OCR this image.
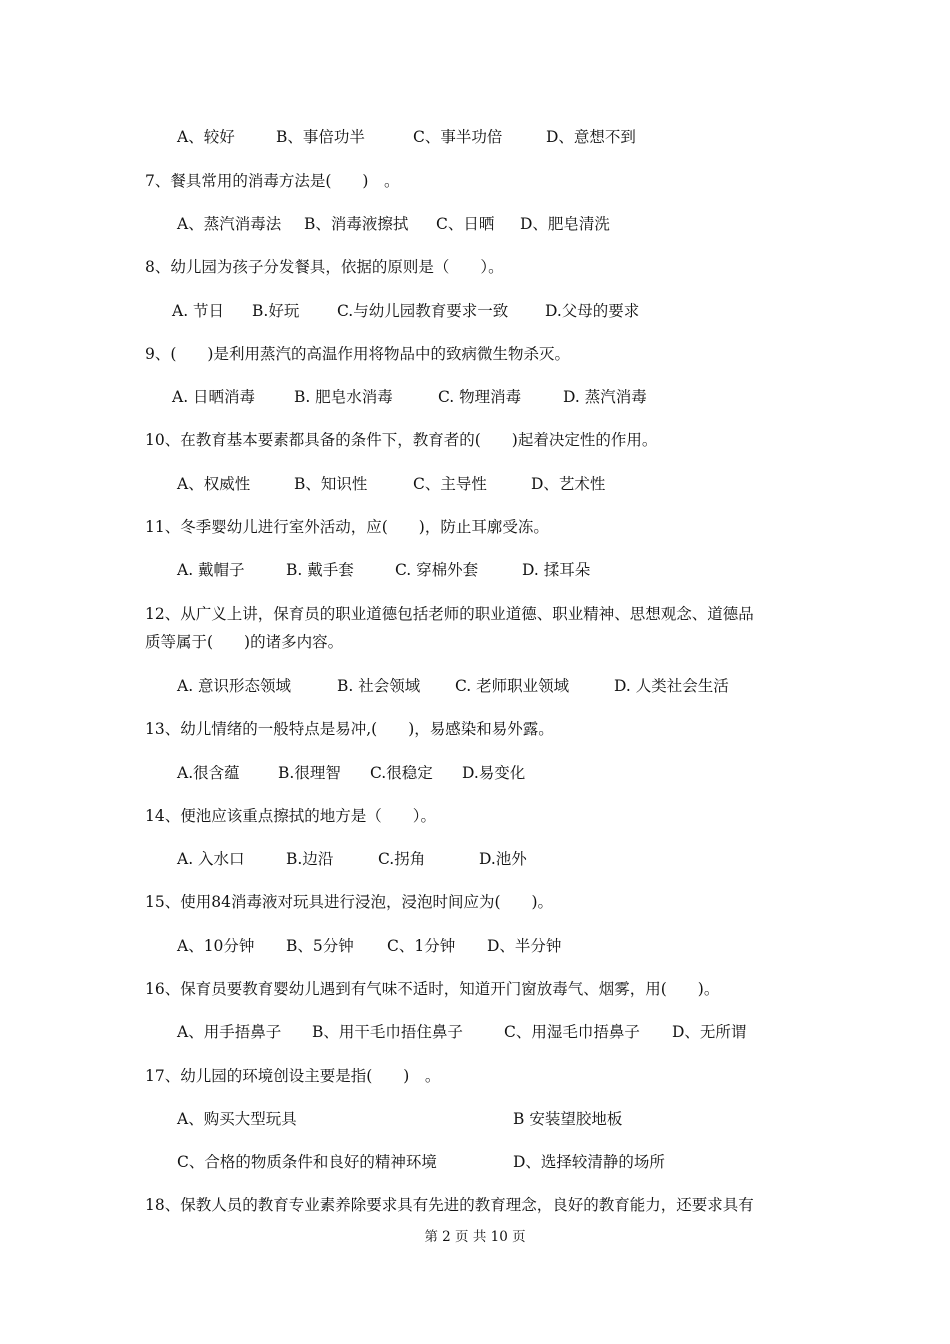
A、较好	B、事倍功半	C、事半功倍	D、意想不到
7、餐具常用的消毒方法是(　　)　。
A、蒸汽消毒法 B、消毒液擦拭 C、日晒 D、肥皂清洗
8、幼儿园为孩子分发餐具，依据的原则是（　　）。
A. 节日 B.好玩 C.与幼儿园教育要求一致 D.父母的要求
9、(　　)是利用蒸汽的高温作用将物品中的致病微生物杀灭。
A. 日晒消毒	B. 肥皂水消毒	C. 物理消毒	D. 蒸汽消毒
10、在教育基本要素都具备的条件下，教育者的(　　)起着决定性的作用。
A、权威性	B、知识性	C、主导性	D、艺术性
11、冬季婴幼儿进行室外活动，应(　　)，防止耳廓受冻。
A. 戴帽子	B. 戴手套	C. 穿棉外套	D. 揉耳朵
12、从广义上讲，保育员的职业道德包括老师的职业道德、职业精神、思想观念、道德品
质等属于(　　)的诸多内容。
A. 意识形态领域	B. 社会领域 C. 老师职业领域	D. 人类社会生活
13、幼儿情绪的一般特点是易冲,(　　)，易感染和易外露。
A.很含蕴 B.很理智 C.很稳定 D.易变化
14、便池应该重点擦拭的地方是（　　）。
A. 入水口	B.边沿	C.拐角	D.池外
15、使用84消毒液对玩具进行浸泡，浸泡时间应为(　　)。
A、10分钟 B、5分钟 C、1分钟 D、半分钟
16、保育员要教育婴幼儿遇到有气味不适时，知道开门窗放毒气、烟雾，用(　　)。
A、用手捂鼻子 B、用干毛巾捂住鼻子	C、用湿毛巾捂鼻子 D、无所谓
17、幼儿园的环境创设主要是指(　　)　。
A、购买大型玩具	B 安装望胶地板
C、合格的物质条件和良好的精神环境	D、选择较清静的场所
18、保教人员的教育专业素养除要求具有先进的教育理念，良好的教育能力，还要求具有
第 2 页 共 10 页
